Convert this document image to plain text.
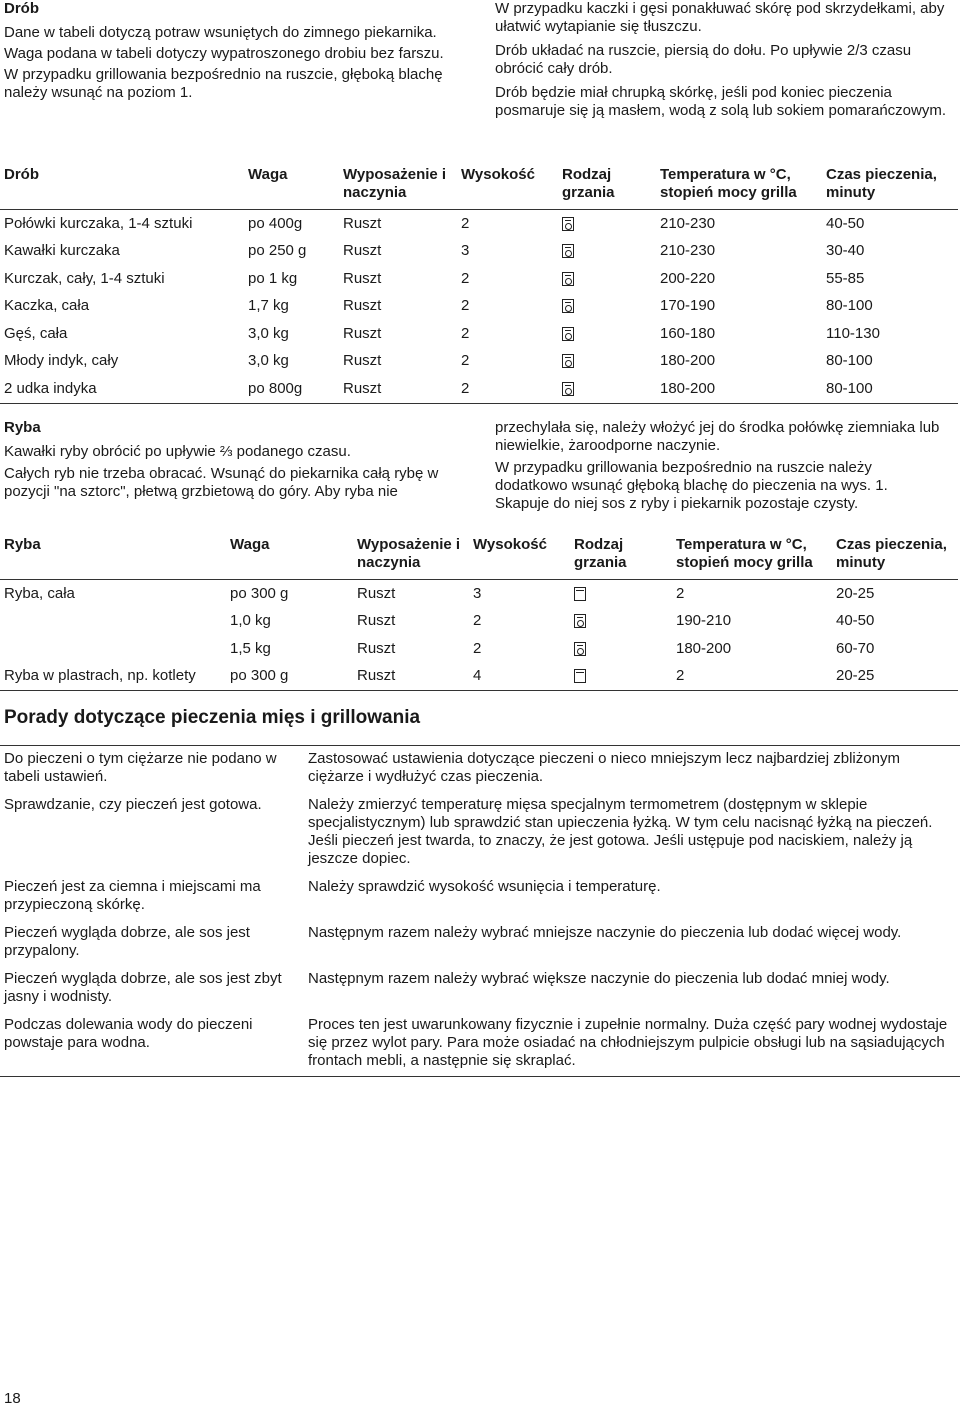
Drób

Dane w tabeli dotyczą potraw wsuniętych do zimnego piekarnika.

Waga podana w tabeli dotyczy wypatroszonego drobiu bez farszu.

W przypadku grillowania bezpośrednio na ruszcie, głęboką blachę należy wsunąć na poziom 1.

W przypadku kaczki i gęsi ponakłuwać skórę pod skrzydełkami, aby ułatwić wytapianie się tłuszczu.

Drób układać na ruszcie, piersią do dołu. Po upływie 2/3 czasu obrócić cały drób.

Drób będzie miał chrupką skórkę, jeśli pod koniec pieczenia posmaruje się ją masłem, wodą z solą lub sokiem pomarańczowym.

Drób	Waga	Wyposażenie i naczynia	Wysokość	Rodzaj grzania	Temperatura w °C, stopień mocy grilla	Czas pieczenia, minuty
Połówki kurczaka, 1-4 sztuki	po 400g	Ruszt	2		210-230	40-50
Kawałki kurczaka	po 250 g	Ruszt	3		210-230	30-40
Kurczak, cały, 1-4 sztuki	po 1 kg	Ruszt	2		200-220	55-85
Kaczka, cała	1,7 kg	Ruszt	2		170-190	80-100
Gęś, cała	3,0 kg	Ruszt	2		160-180	110-130
Młody indyk, cały	3,0 kg	Ruszt	2		180-200	80-100
2 udka indyka	po 800g	Ruszt	2		180-200	80-100
Ryba

Kawałki ryby obrócić po upływie ⅔ podanego czasu.

Całych ryb nie trzeba obracać. Wsunąć do piekarnika całą rybę w pozycji "na sztorc", płetwą grzbietową do góry. Aby ryba nie

przechylała się, należy włożyć jej do środka połówkę ziemniaka lub niewielkie, żaroodporne naczynie.

W przypadku grillowania bezpośrednio na ruszcie należy dodatkowo wsunąć głęboką blachę do pieczenia na wys. 1. Skapuje do niej sos z ryby i piekarnik pozostaje czysty.

Ryba	Waga	Wyposażenie i naczynia	Wysokość	Rodzaj grzania	Temperatura w °C, stopień mocy grilla	Czas pieczenia, minuty
Ryba, cała	po 300 g	Ruszt	3		2	20-25
	1,0 kg	Ruszt	2		190-210	40-50
	1,5 kg	Ruszt	2		180-200	60-70
Ryba w plastrach, np. kotlety	po 300 g	Ruszt	4		2	20-25
Porady dotyczące pieczenia mięs i grillowania
Do pieczeni o tym ciężarze nie podano w tabeli ustawień.	Zastosować ustawienia dotyczące pieczeni o nieco mniejszym lecz najbardziej zbliżonym ciężarze i wydłużyć czas pieczenia.
Sprawdzanie, czy pieczeń jest gotowa.	Należy zmierzyć temperaturę mięsa specjalnym termometrem (dostępnym w sklepie specjalistycznym) lub sprawdzić stan upieczenia łyżką. W tym celu nacisnąć łyżką na pieczeń. Jeśli pieczeń jest twarda, to znaczy, że jest gotowa. Jeśli ustępuje pod naciskiem, należy ją jeszcze dopiec.
Pieczeń jest za ciemna i miejscami ma przypieczoną skórkę.	Należy sprawdzić wysokość wsunięcia i temperaturę.
Pieczeń wygląda dobrze, ale sos jest przypalony.	Następnym razem należy wybrać mniejsze naczynie do pieczenia lub dodać więcej wody.
Pieczeń wygląda dobrze, ale sos jest zbyt jasny i wodnisty.	Następnym razem należy wybrać większe naczynie do pieczenia lub dodać mniej wody.
Podczas dolewania wody do pieczeni powstaje para wodna.	Proces ten jest uwarunkowany fizycznie i zupełnie normalny. Duża część pary wodnej wydostaje się przez wylot pary. Para może osiadać na chłodniejszym pulpicie obsługi lub na sąsiadujących frontach mebli, a następnie się skraplać.
18
